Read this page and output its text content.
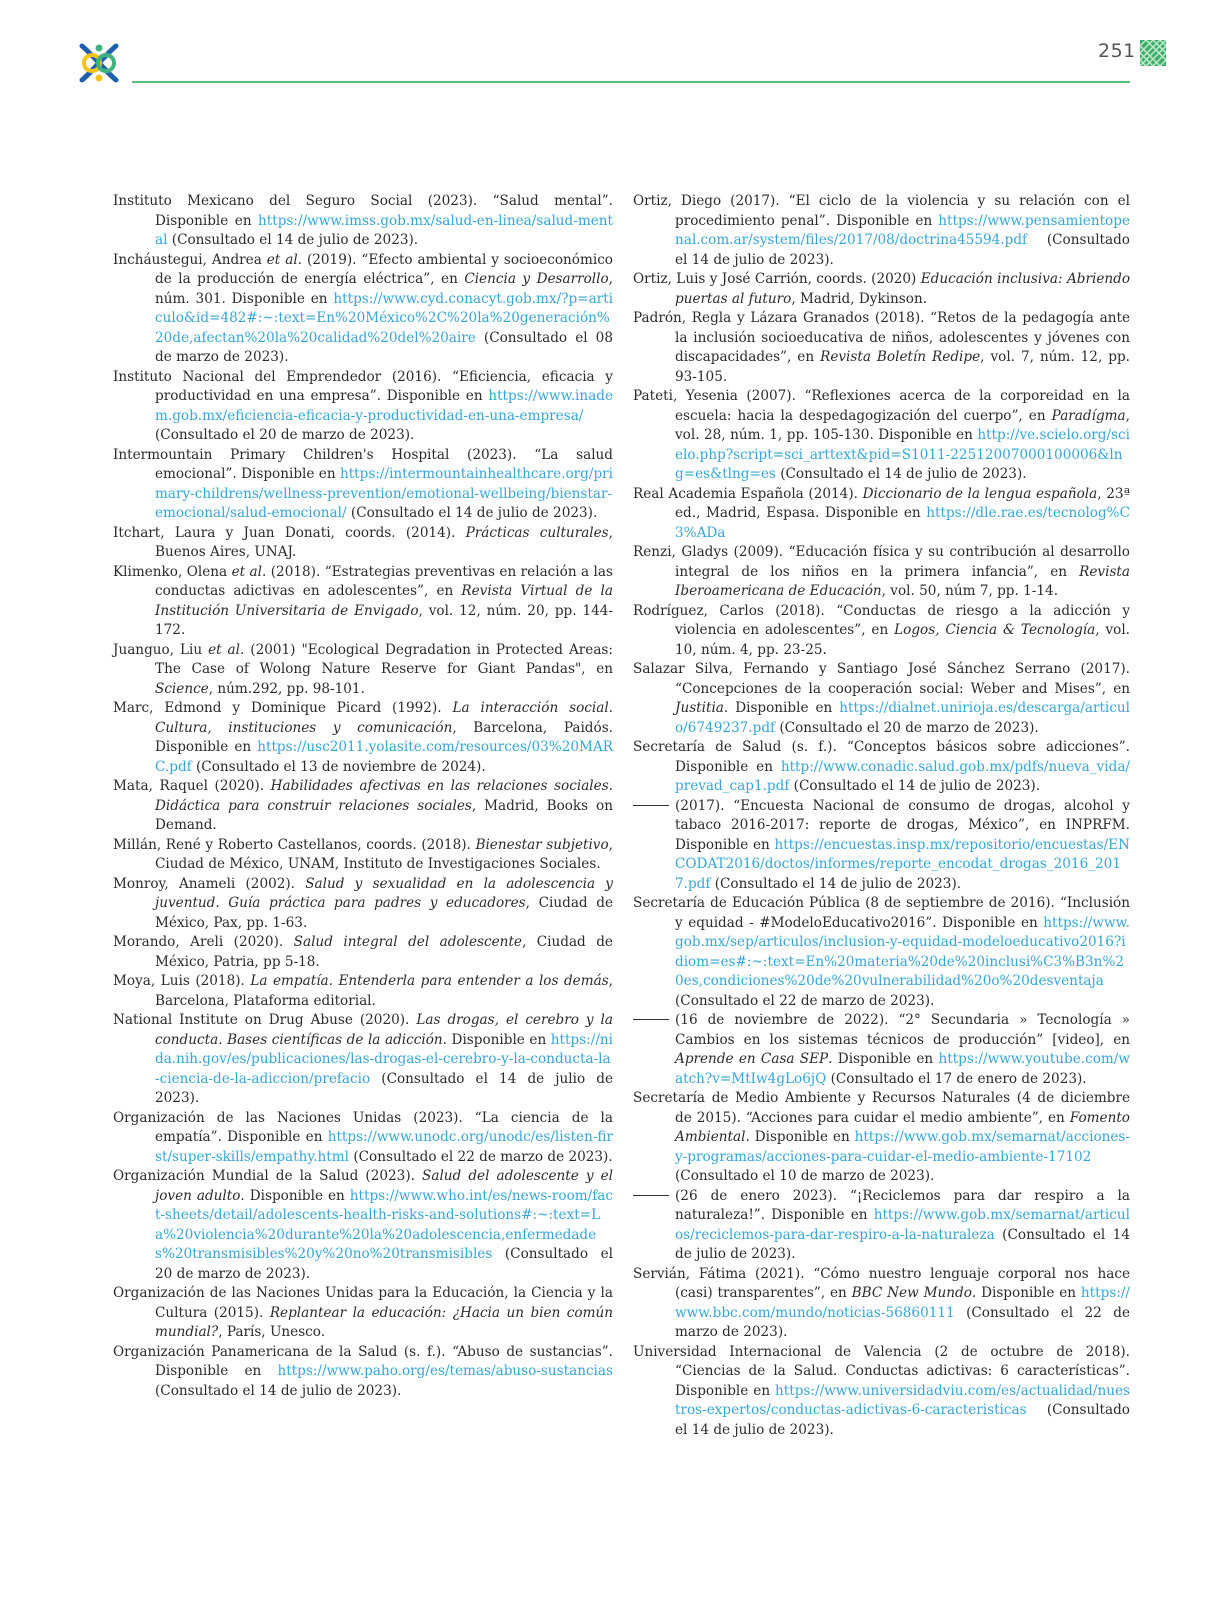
251

Instituto Mexicano del Seguro Social (2023). “Salud mental”. Disponible en https://www.imss.gob.mx/salud-en-linea/salud-mental (Consultado el 14 de julio de 2023).

Incháustegui, Andrea et al. (2019). “Efecto ambiental y socioeconómico de la producción de energía eléctrica”, en Ciencia y Desarrollo, núm. 301. Disponible en https://www.cyd.conacyt.gob.mx/?p=articulo&id=482#:~:text=En%20México%2C%20la%20generación%20de,afectan%20la%20calidad%20del%20aire (Consultado el 08 de marzo de 2023).

Instituto Nacional del Emprendedor (2016). “Eficiencia, eficacia y productividad en una empresa”. Disponible en https://www.inadem.gob.mx/eficiencia-eficacia-y-productividad-en-una-empresa/ (Consultado el 20 de marzo de 2023).

Intermountain Primary Children's Hospital (2023). “La salud emocional”. Disponible en https://intermountainhealthcare.org/primary-childrens/wellness-prevention/emotional-wellbeing/bienstar-emocional/salud-emocional/ (Consultado el 14 de julio de 2023).

Itchart, Laura y Juan Donati, coords. (2014). Prácticas culturales, Buenos Aires, UNAJ.

Klimenko, Olena et al. (2018). “Estrategias preventivas en relación a las conductas adictivas en adolescentes”, en Revista Virtual de la Institución Universitaria de Envigado, vol. 12, núm. 20, pp. 144-172.

Juanguo, Liu et al. (2001) "Ecological Degradation in Protected Areas: The Case of Wolong Nature Reserve for Giant Pandas", en Science, núm.292, pp. 98-101.

Marc, Edmond y Dominique Picard (1992). La interacción social. Cultura, instituciones y comunicación, Barcelona, Paidós. Disponible en https://usc2011.yolasite.com/resources/03%20MARC.pdf (Consultado el 13 de noviembre de 2024).

Mata, Raquel (2020). Habilidades afectivas en las relaciones sociales. Didáctica para construir relaciones sociales, Madrid, Books on Demand.

Millán, René y Roberto Castellanos, coords. (2018). Bienestar subjetivo, Ciudad de México, UNAM, Instituto de Investigaciones Sociales.

Monroy, Anameli (2002). Salud y sexualidad en la adolescencia y juventud. Guía práctica para padres y educadores, Ciudad de México, Pax, pp. 1-63.

Morando, Areli (2020). Salud integral del adolescente, Ciudad de México, Patria, pp 5-18.

Moya, Luis (2018). La empatía. Entenderla para entender a los demás, Barcelona, Plataforma editorial.

National Institute on Drug Abuse (2020). Las drogas, el cerebro y la conducta. Bases científicas de la adicción. Disponible en https://nida.nih.gov/es/publicaciones/las-drogas-el-cerebro-y-la-conducta-la-ciencia-de-la-adiccion/prefacio (Consultado el 14 de julio de 2023).

Organización de las Naciones Unidas (2023). “La ciencia de la empatía”. Disponible en https://www.unodc.org/unodc/es/listen-first/super-skills/empathy.html (Consultado el 22 de marzo de 2023).

Organización Mundial de la Salud (2023). Salud del adolescente y el joven adulto. Disponible en https://www.who.int/es/news-room/fact-sheets/detail/adolescents-health-risks-and-solutions#:~:text=La%20violencia%20durante%20la%20adolescencia,enfermedades%20transmisibles%20y%20no%20transmisibles (Consultado el 20 de marzo de 2023).

Organización de las Naciones Unidas para la Educación, la Ciencia y la Cultura (2015). Replantear la educación: ¿Hacia un bien común mundial?, París, Unesco.

Organización Panamericana de la Salud (s. f.). “Abuso de sustancias”. Disponible en https://www.paho.org/es/temas/abuso-sustancias (Consultado el 14 de julio de 2023).

Ortiz, Diego (2017). “El ciclo de la violencia y su relación con el procedimiento penal”. Disponible en https://www.pensamientopenal.com.ar/system/files/2017/08/doctrina45594.pdf (Consultado el 14 de julio de 2023).

Ortiz, Luis y José Carrión, coords. (2020) Educación inclusiva: Abriendo puertas al futuro, Madrid, Dykinson.

Padrón, Regla y Lázara Granados (2018). “Retos de la pedagogía ante la inclusión socioeducativa de niños, adolescentes y jóvenes con discapacidades”, en Revista Boletín Redipe, vol. 7, núm. 12, pp. 93-105.

Pateti, Yesenia (2007). “Reflexiones acerca de la corporeidad en la escuela: hacia la despedagogización del cuerpo”, en Paradígma, vol. 28, núm. 1, pp. 105-130. Disponible en http://ve.scielo.org/scielo.php?script=sci_arttext&pid=S1011-22512007000100006&lng=es&tlng=es (Consultado el 14 de julio de 2023).

Real Academia Española (2014). Diccionario de la lengua española, 23ª ed., Madrid, Espasa. Disponible en https://dle.rae.es/tecnolog%C3%ADa

Renzi, Gladys (2009). “Educación física y su contribución al desarrollo integral de los niños en la primera infancia”, en Revista Iberoamericana de Educación, vol. 50, núm 7, pp. 1-14.

Rodríguez, Carlos (2018). “Conductas de riesgo a la adicción y violencia en adolescentes”, en Logos, Ciencia & Tecnología, vol. 10, núm. 4, pp. 23-25.

Salazar Silva, Fernando y Santiago José Sánchez Serrano (2017). “Concepciones de la cooperación social: Weber and Mises”, en Justitia. Disponible en https://dialnet.unirioja.es/descarga/articulo/6749237.pdf (Consultado el 20 de marzo de 2023).

Secretaría de Salud (s. f.). “Conceptos básicos sobre adicciones”. Disponible en http://www.conadic.salud.gob.mx/pdfs/nueva_vida/prevad_cap1.pdf (Consultado el 14 de julio de 2023).

(2017). “Encuesta Nacional de consumo de drogas, alcohol y tabaco 2016-2017: reporte de drogas, México”, en INPRFM. Disponible en https://encuestas.insp.mx/repositorio/encuestas/ENCODAT2016/doctos/informes/reporte_encodat_drogas_2016_2017.pdf (Consultado el 14 de julio de 2023).

Secretaría de Educación Pública (8 de septiembre de 2016). “Inclusión y equidad - #ModeloEducativo2016”. Disponible en https://www.gob.mx/sep/articulos/inclusion-y-equidad-modeloeducativo2016?idiom=es#:~:text=En%20materia%20de%20inclusi%C3%B3n%20es,condiciones%20de%20vulnerabilidad%20o%20desventaja (Consultado el 22 de marzo de 2023).

(16 de noviembre de 2022). “2° Secundaria » Tecnología » Cambios en los sistemas técnicos de producción” [video], en Aprende en Casa SEP. Disponible en https://www.youtube.com/watch?v=MtIw4gLo6jQ (Consultado el 17 de enero de 2023).

Secretaría de Medio Ambiente y Recursos Naturales (4 de diciembre de 2015). “Acciones para cuidar el medio ambiente”, en Fomento Ambiental. Disponible en https://www.gob.mx/semarnat/acciones-y-programas/acciones-para-cuidar-el-medio-ambiente-17102 (Consultado el 10 de marzo de 2023).

(26 de enero 2023). “¡Reciclemos para dar respiro a la naturaleza!”. Disponible en https://www.gob.mx/semarnat/articulos/reciclemos-para-dar-respiro-a-la-naturaleza (Consultado el 14 de julio de 2023).

Servián, Fátima (2021). “Cómo nuestro lenguaje corporal nos hace (casi) transparentes”, en BBC New Mundo. Disponible en https://www.bbc.com/mundo/noticias-56860111 (Consultado el 22 de marzo de 2023).

Universidad Internacional de Valencia (2 de octubre de 2018). “Ciencias de la Salud. Conductas adictivas: 6 características”. Disponible en https://www.universidadviu.com/es/actualidad/nuestros-expertos/conductas-adictivas-6-caracteristicas (Consultado el 14 de julio de 2023).
